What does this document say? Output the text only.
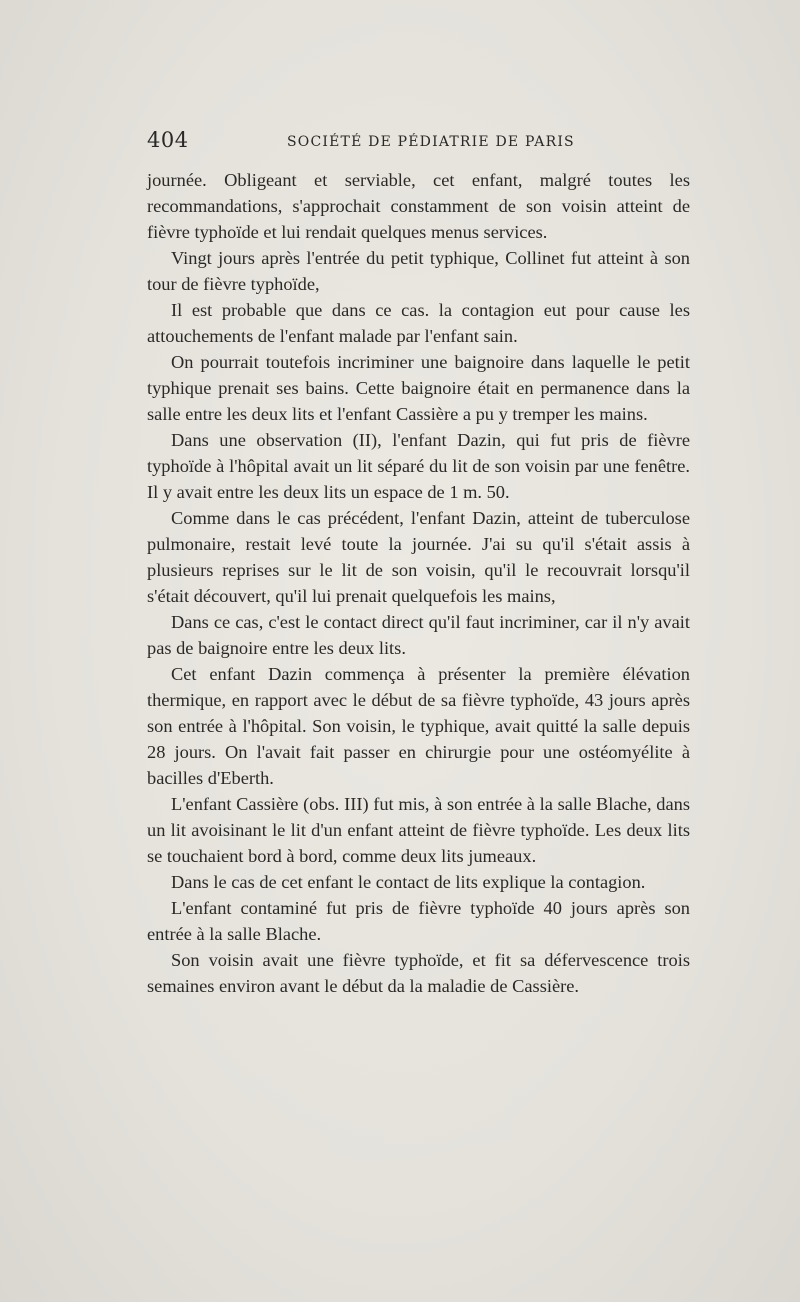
404	SOCIÉTÉ DE PÉDIATRIE DE PARIS

journée. Obligeant et serviable, cet enfant, malgré toutes les recommandations, s'approchait constamment de son voisin atteint de fièvre typhoïde et lui rendait quelques menus services.

Vingt jours après l'entrée du petit typhique, Collinet fut atteint à son tour de fièvre typhoïde,

Il est probable que dans ce cas. la contagion eut pour cause les attouchements de l'enfant malade par l'enfant sain.

On pourrait toutefois incriminer une baignoire dans laquelle le petit typhique prenait ses bains. Cette baignoire était en permanence dans la salle entre les deux lits et l'enfant Cassière a pu y tremper les mains.

Dans une observation (II), l'enfant Dazin, qui fut pris de fièvre typhoïde à l'hôpital avait un lit séparé du lit de son voisin par une fenêtre. Il y avait entre les deux lits un espace de 1 m. 50.

Comme dans le cas précédent, l'enfant Dazin, atteint de tuberculose pulmonaire, restait levé toute la journée. J'ai su qu'il s'était assis à plusieurs reprises sur le lit de son voisin, qu'il le recouvrait lorsqu'il s'était découvert, qu'il lui prenait quelquefois les mains,

Dans ce cas, c'est le contact direct qu'il faut incriminer, car il n'y avait pas de baignoire entre les deux lits.

Cet enfant Dazin commença à présenter la première élévation thermique, en rapport avec le début de sa fièvre typhoïde, 43 jours après son entrée à l'hôpital. Son voisin, le typhique, avait quitté la salle depuis 28 jours. On l'avait fait passer en chirurgie pour une ostéomyélite à bacilles d'Eberth.

L'enfant Cassière (obs. III) fut mis, à son entrée à la salle Blache, dans un lit avoisinant le lit d'un enfant atteint de fièvre typhoïde. Les deux lits se touchaient bord à bord, comme deux lits jumeaux.

Dans le cas de cet enfant le contact de lits explique la contagion.

L'enfant contaminé fut pris de fièvre typhoïde 40 jours après son entrée à la salle Blache.

Son voisin avait une fièvre typhoïde, et fit sa défervescence trois semaines environ avant le début da la maladie de Cassière.
